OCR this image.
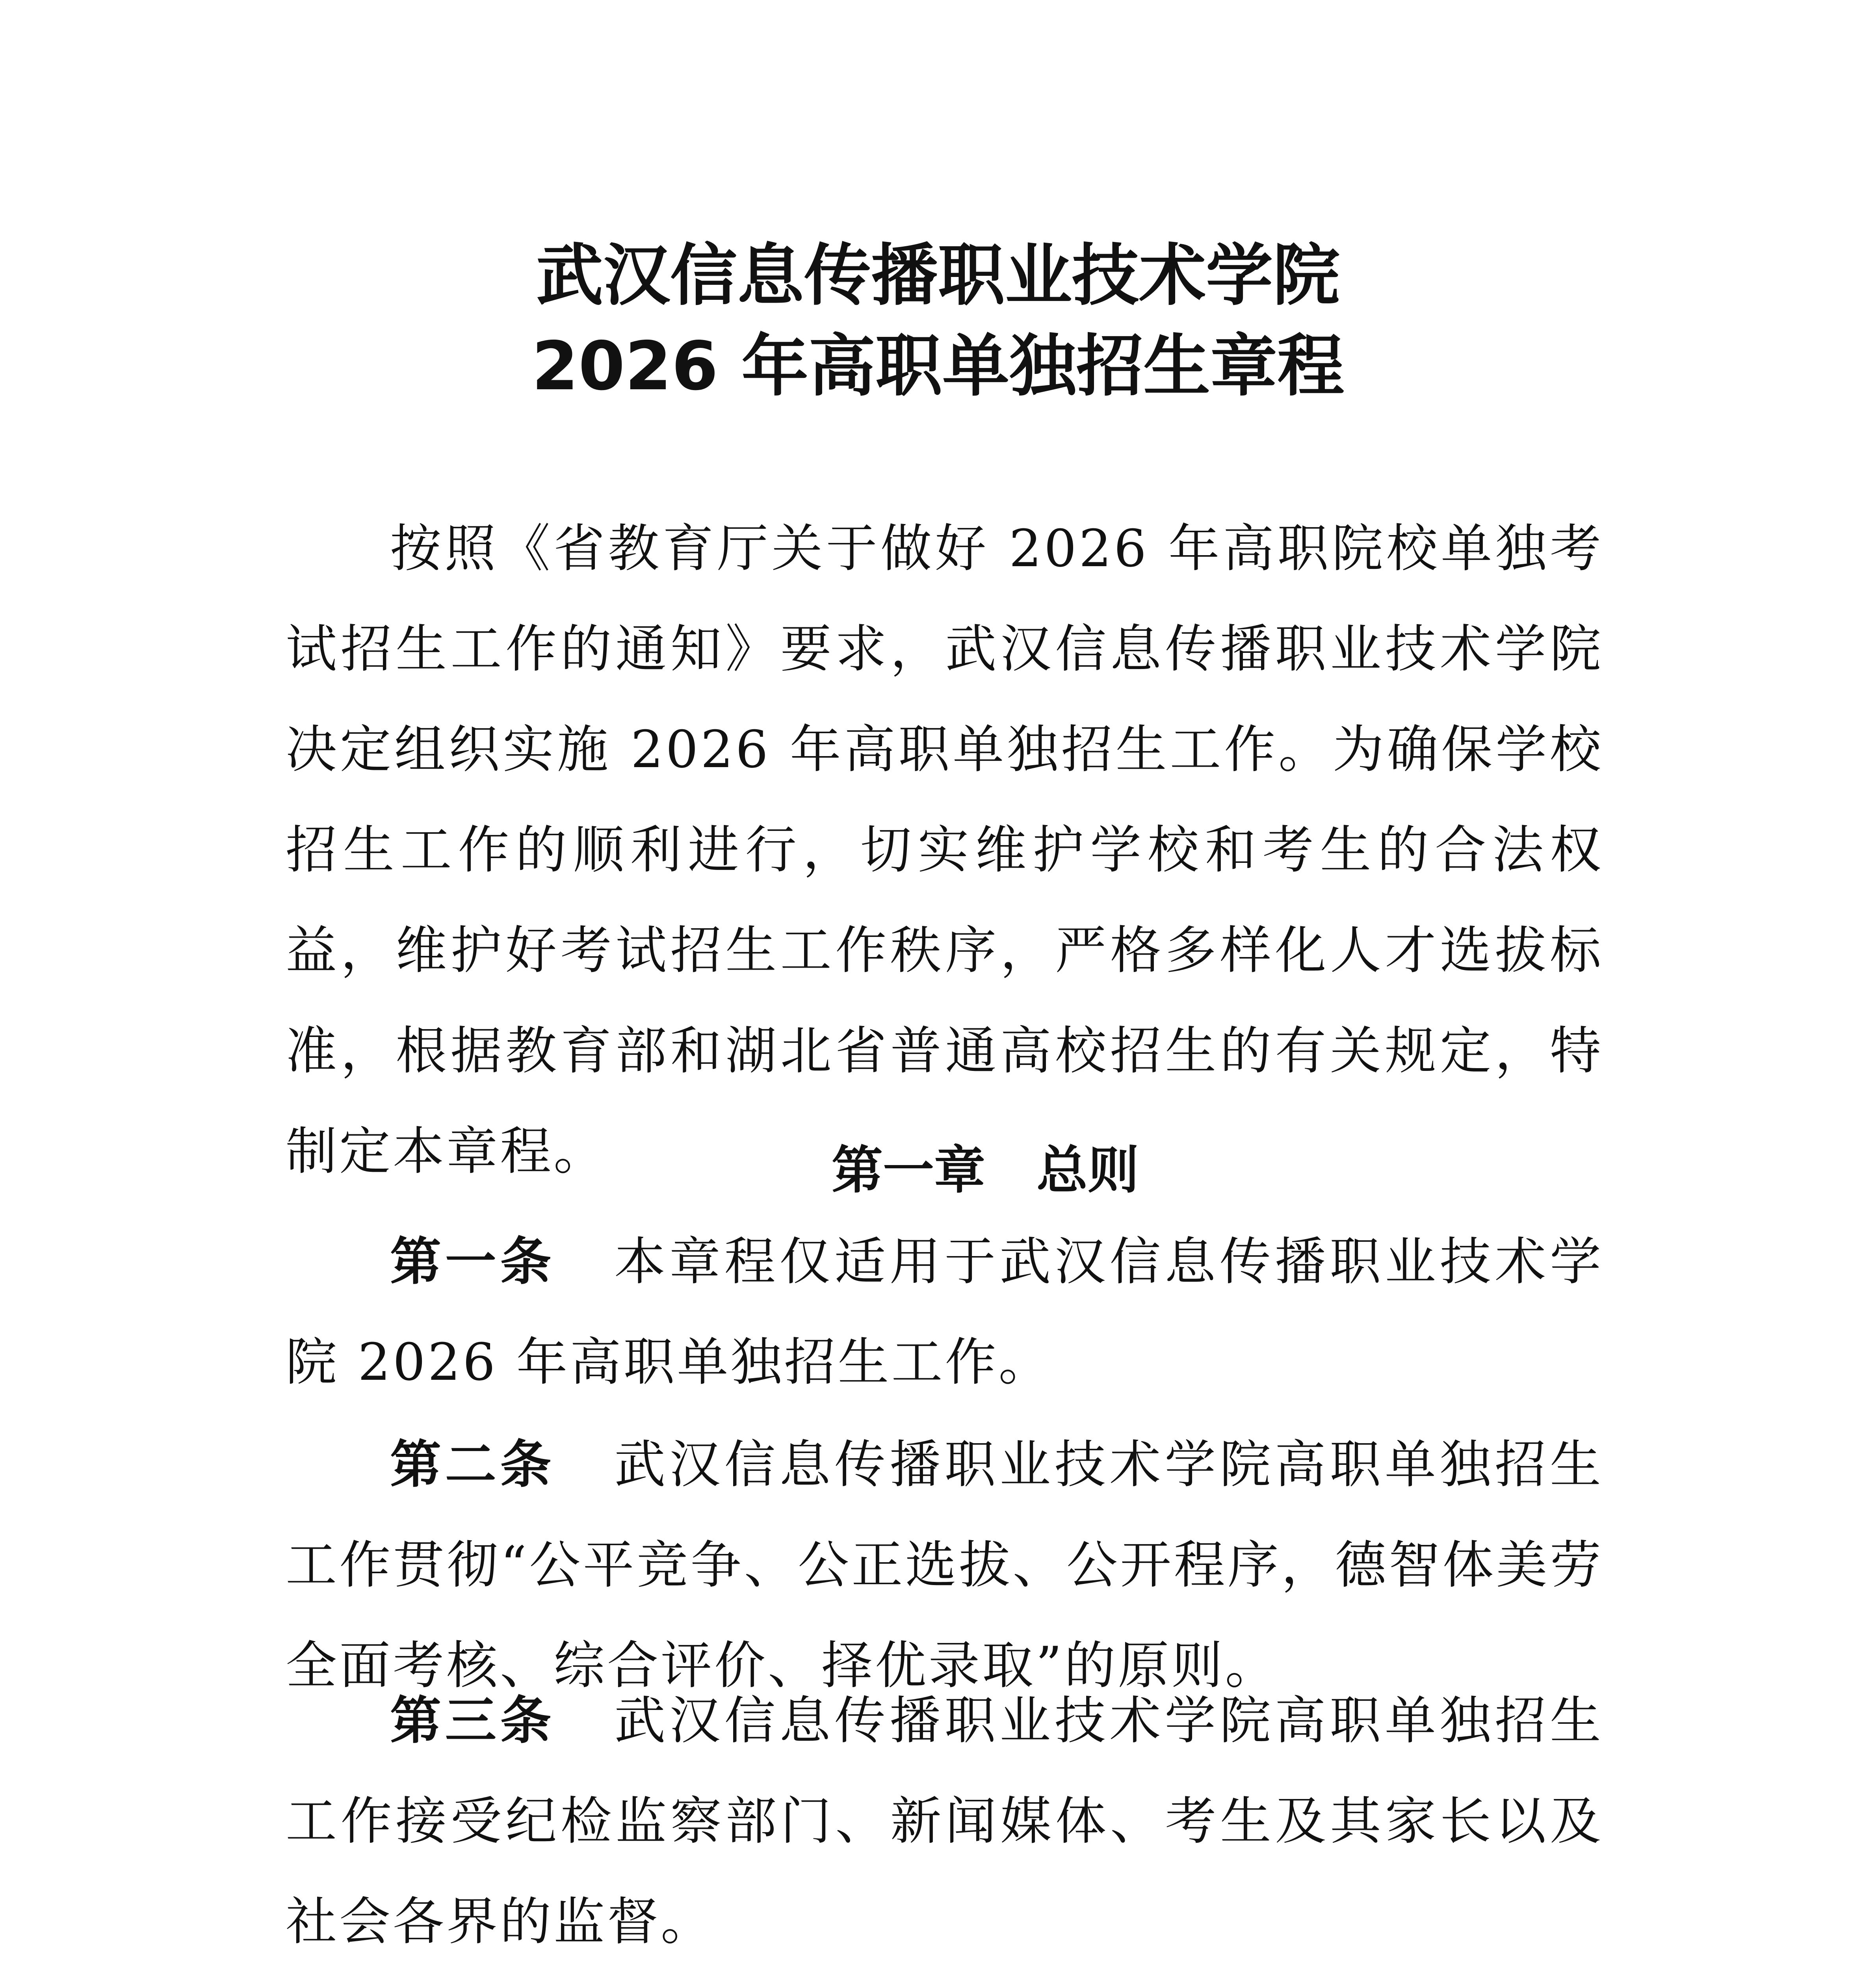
武汉信息传播职业技术学院
2026 年高职单独招生章程

按照《省教育厅关于做好 2026 年高职院校单独考试招生工作的通知》要求，武汉信息传播职业技术学院决定组织实施 2026 年高职单独招生工作。为确保学校招生工作的顺利进行，切实维护学校和考生的合法权益，维护好考试招生工作秩序，严格多样化人才选拔标准，根据教育部和湖北省普通高校招生的有关规定，特制定本章程。	第一章　总则

第一条 本章程仅适用于武汉信息传播职业技术学院 2026 年高职单独招生工作。

第二条 武汉信息传播职业技术学院高职单独招生工作贯彻“公平竞争、公正选拔、公开程序，德智体美劳全面考核、综合评价、择优录取”的原则。

第三条 武汉信息传播职业技术学院高职单独招生工作接受纪检监察部门、新闻媒体、考生及其家长以及社会各界的监督。
